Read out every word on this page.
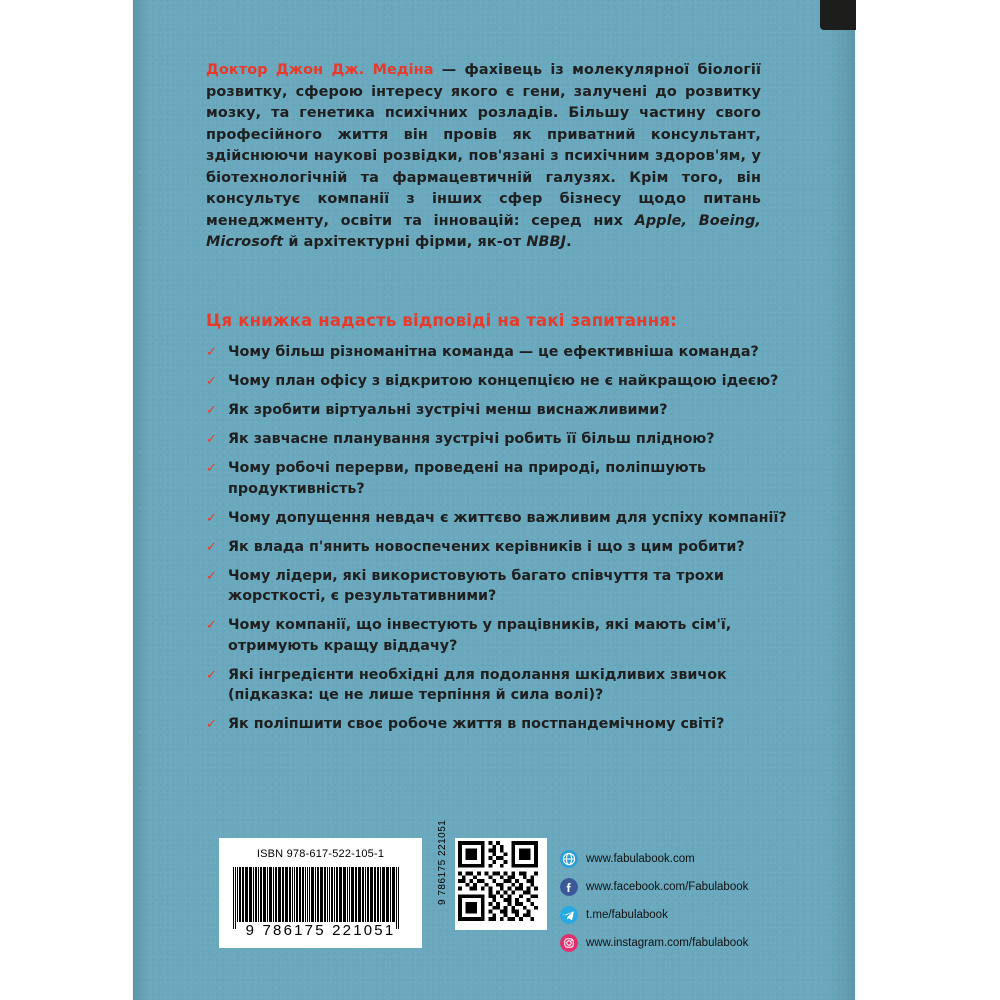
Доктор Джон Дж. Медіна — фахівець із молекулярної біології розвитку, сферою інтересу якого є гени, залучені до розвитку мозку, та генетика психічних розладів. Більшу частину свого професійного життя він провів як приватний консультант, здійснюючи наукові розвідки, пов'язані з психічним здоров'ям, у біотехнологічній та фармацевтичній галузях. Крім того, він консультує компанії з інших сфер бізнесу щодо питань менеджменту, освіти та інновацій: серед них Apple, Boeing, Microsoft й архітектурні фірми, як-от NBBJ.
Ця книжка надасть відповіді на такі запитання:
✓ Чому більш різноманітна команда — це ефективніша команда?
✓ Чому план офісу з відкритою концепцією не є найкращою ідеєю?
✓ Як зробити віртуальні зустрічі менш виснажливими?
✓ Як завчасне планування зустрічі робить її більш плідною?
✓ Чому робочі перерви, проведені на природі, поліпшують продуктивність?
✓ Чому допущення невдач є життєво важливим для успіху компанії?
✓ Як влада п'янить новоспечених керівників і що з цим робити?
✓ Чому лідери, які використовують багато співчуття та трохи жорсткості, є результативними?
✓ Чому компанії, що інвестують у працівників, які мають сім'ї, отримують кращу віддачу?
✓ Які інгредієнти необхідні для подолання шкідливих звичок (підказка: це не лише терпіння й сила волі)?
✓ Як поліпшити своє робоче життя в постпандемічному світі?
ISBN 978-617-522-105-1
9 786175 221051
9 786175 221051	www.fabulabook.com
www.facebook.com/Fabulabook
t.me/fabulabook
www.instagram.com/fabulabook
